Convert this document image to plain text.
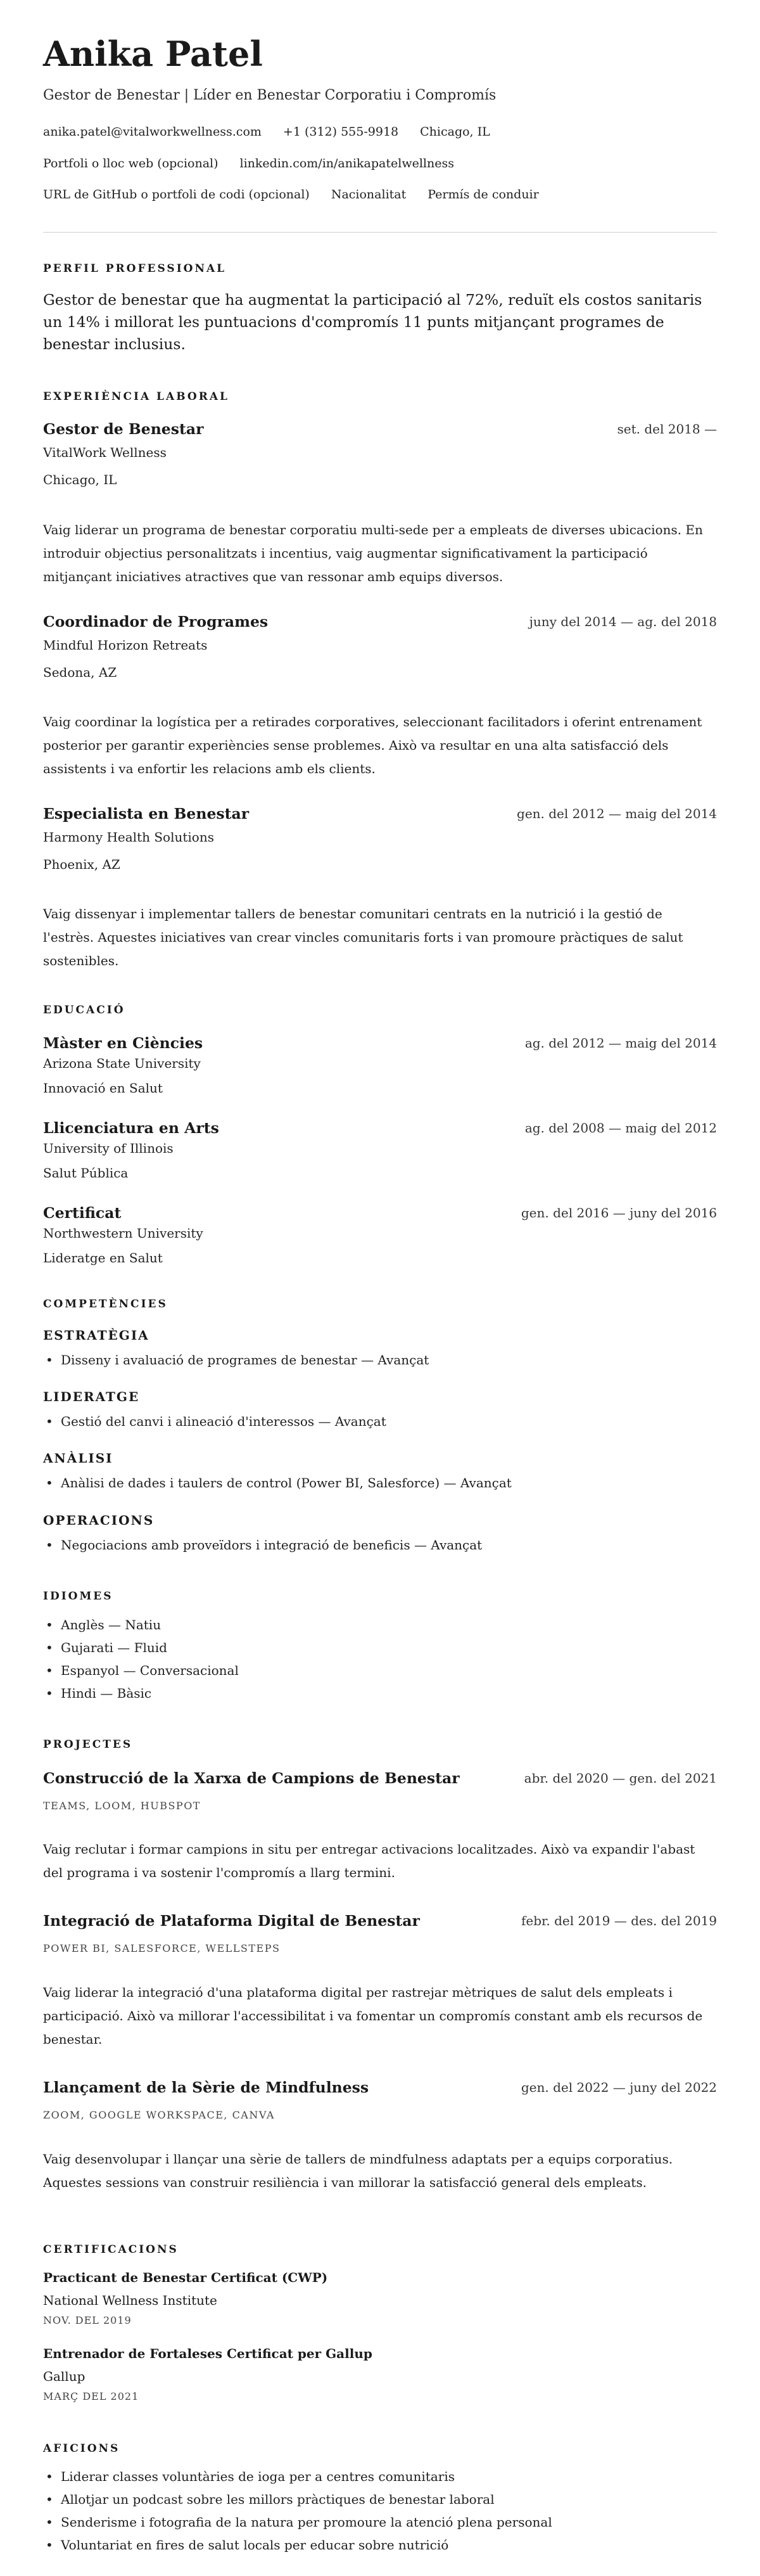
Anika Patel
Gestor de Benestar | Líder en Benestar Corporatiu i Compromís
anika.patel@vitalworkwellness.com +1 (312) 555-9918 Chicago, IL
Portfoli o lloc web (opcional) linkedin.com/in/anikapatelwellness
URL de GitHub o portfoli de codi (opcional) Nacionalitat Permís de conduir
PERFIL PROFESSIONAL
Gestor de benestar que ha augmentat la participació al 72%, reduït els costos sanitaris un 14% i millorat les puntuacions d'compromís 11 punts mitjançant programes de benestar inclusius.
EXPERIÈNCIA LABORAL
Gestor de Benestar	set. del 2018 —
VitalWork Wellness
Chicago, IL
Vaig liderar un programa de benestar corporatiu multi-sede per a empleats de diverses ubicacions. En introduir objectius personalitzats i incentius, vaig augmentar significativament la participació mitjançant iniciatives atractives que van ressonar amb equips diversos.
Coordinador de Programes	juny del 2014 — ag. del 2018
Mindful Horizon Retreats
Sedona, AZ
Vaig coordinar la logística per a retirades corporatives, seleccionant facilitadors i oferint entrenament posterior per garantir experiències sense problemes. Això va resultar en una alta satisfacció dels assistents i va enfortir les relacions amb els clients.
Especialista en Benestar	gen. del 2012 — maig del 2014
Harmony Health Solutions
Phoenix, AZ
Vaig dissenyar i implementar tallers de benestar comunitari centrats en la nutrició i la gestió de l'estrès. Aquestes iniciatives van crear vincles comunitaris forts i van promoure pràctiques de salut sostenibles.
EDUCACIÓ
Màster en Ciències	ag. del 2012 — maig del 2014
Arizona State University
Innovació en Salut
Llicenciatura en Arts	ag. del 2008 — maig del 2012
University of Illinois
Salut Pública
Certificat	gen. del 2016 — juny del 2016
Northwestern University
Lideratge en Salut
COMPETÈNCIES
ESTRATÈGIA
• Disseny i avaluació de programes de benestar — Avançat
LIDERATGE
• Gestió del canvi i alineació d'interessos — Avançat
ANÀLISI
• Anàlisi de dades i taulers de control (Power BI, Salesforce) — Avançat
OPERACIONS
• Negociacions amb proveïdors i integració de beneficis — Avançat
IDIOMES
• Anglès — Natiu
• Gujarati — Fluid
• Espanyol — Conversacional
• Hindi — Bàsic
PROJECTES
Construcció de la Xarxa de Campions de Benestar	abr. del 2020 — gen. del 2021
TEAMS, LOOM, HUBSPOT
Vaig reclutar i formar campions in situ per entregar activacions localitzades. Això va expandir l'abast del programa i va sostenir l'compromís a llarg termini.
Integració de Plataforma Digital de Benestar	febr. del 2019 — des. del 2019
POWER BI, SALESFORCE, WELLSTEPS
Vaig liderar la integració d'una plataforma digital per rastrejar mètriques de salut dels empleats i participació. Això va millorar l'accessibilitat i va fomentar un compromís constant amb els recursos de benestar.
Llançament de la Sèrie de Mindfulness	gen. del 2022 — juny del 2022
ZOOM, GOOGLE WORKSPACE, CANVA
Vaig desenvolupar i llançar una sèrie de tallers de mindfulness adaptats per a equips corporatius. Aquestes sessions van construir resiliència i van millorar la satisfacció general dels empleats.
CERTIFICACIONS
Practicant de Benestar Certificat (CWP)
National Wellness Institute
NOV. DEL 2019
Entrenador de Fortaleses Certificat per Gallup
Gallup
MARÇ DEL 2021
AFICIONS
• Liderar classes voluntàries de ioga per a centres comunitaris
• Allotjar un podcast sobre les millors pràctiques de benestar laboral
• Senderisme i fotografia de la natura per promoure la atenció plena personal
• Voluntariat en fires de salut locals per educar sobre nutrició
